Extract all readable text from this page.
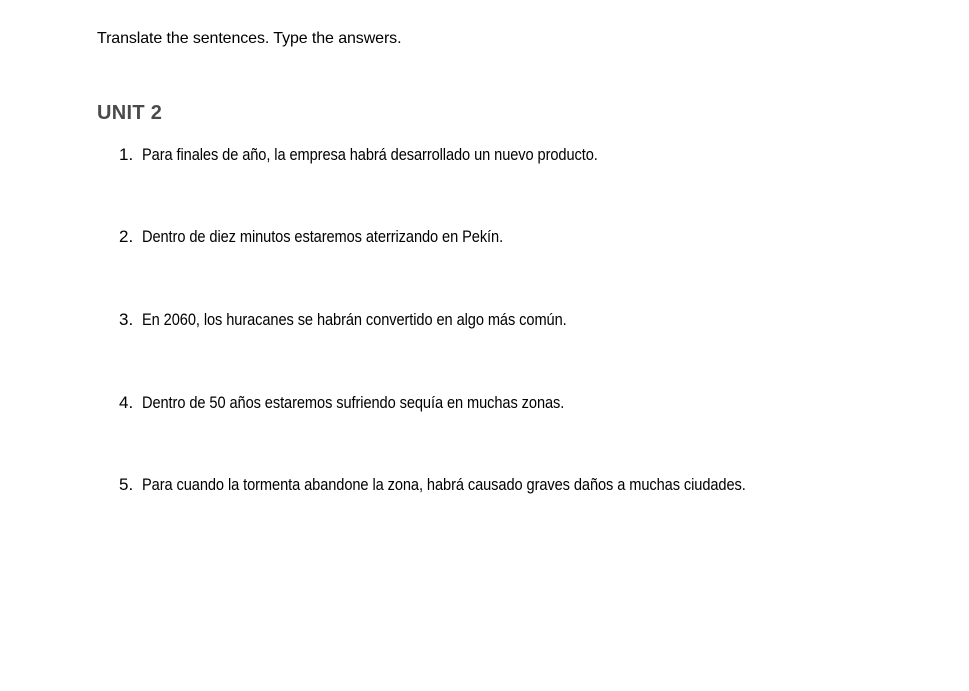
Translate the sentences. Type the answers.
UNIT 2
1. Para finales de año, la empresa habrá desarrollado un nuevo producto.
2. Dentro de diez minutos estaremos aterrizando en Pekín.
3. En 2060, los huracanes se habrán convertido en algo más común.
4. Dentro de 50 años estaremos sufriendo sequía en muchas zonas.
5. Para cuando la tormenta abandone la zona, habrá causado graves daños a muchas ciudades.
